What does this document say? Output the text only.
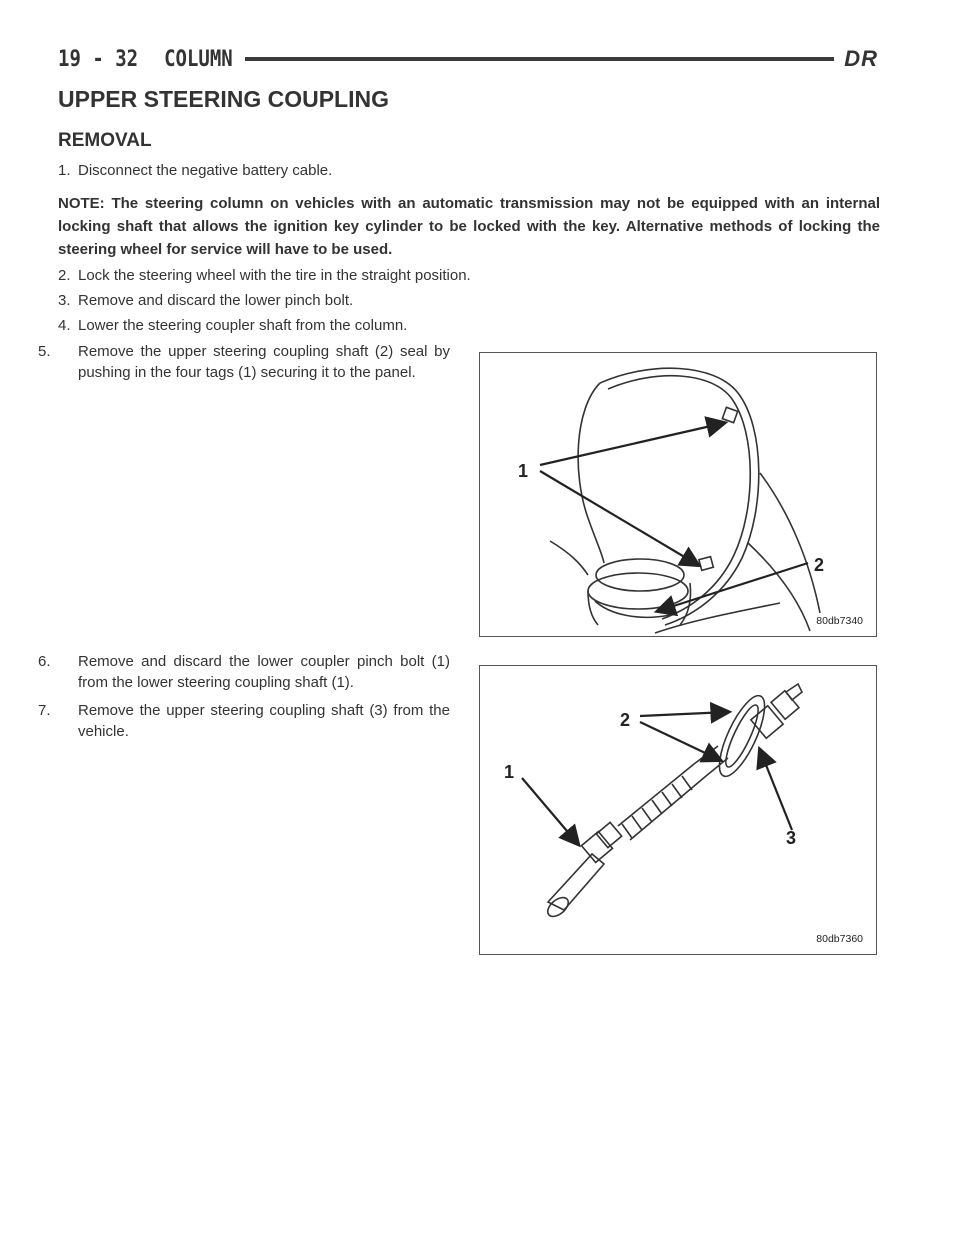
19 - 32 COLUMN	DR
UPPER STEERING COUPLING
REMOVAL

1. Disconnect the negative battery cable.

NOTE: The steering column on vehicles with an automatic transmission may not be equipped with an internal locking shaft that allows the ignition key cylinder to be locked with the key. Alternative methods of locking the steering wheel for service will have to be used.

2. Lock the steering wheel with the tire in the straight position.

3. Remove and discard the lower pinch bolt.

4. Lower the steering coupler shaft from the column.

5. Remove the upper steering coupling shaft (2) seal by pushing in the four tags (1) securing it to the panel.

6. Remove and discard the lower coupler pinch bolt (1) from the lower steering coupling shaft (1).

7. Remove the upper steering coupling shaft (3) from the vehicle.

1
2
80db7340
1
2
3
80db7360
